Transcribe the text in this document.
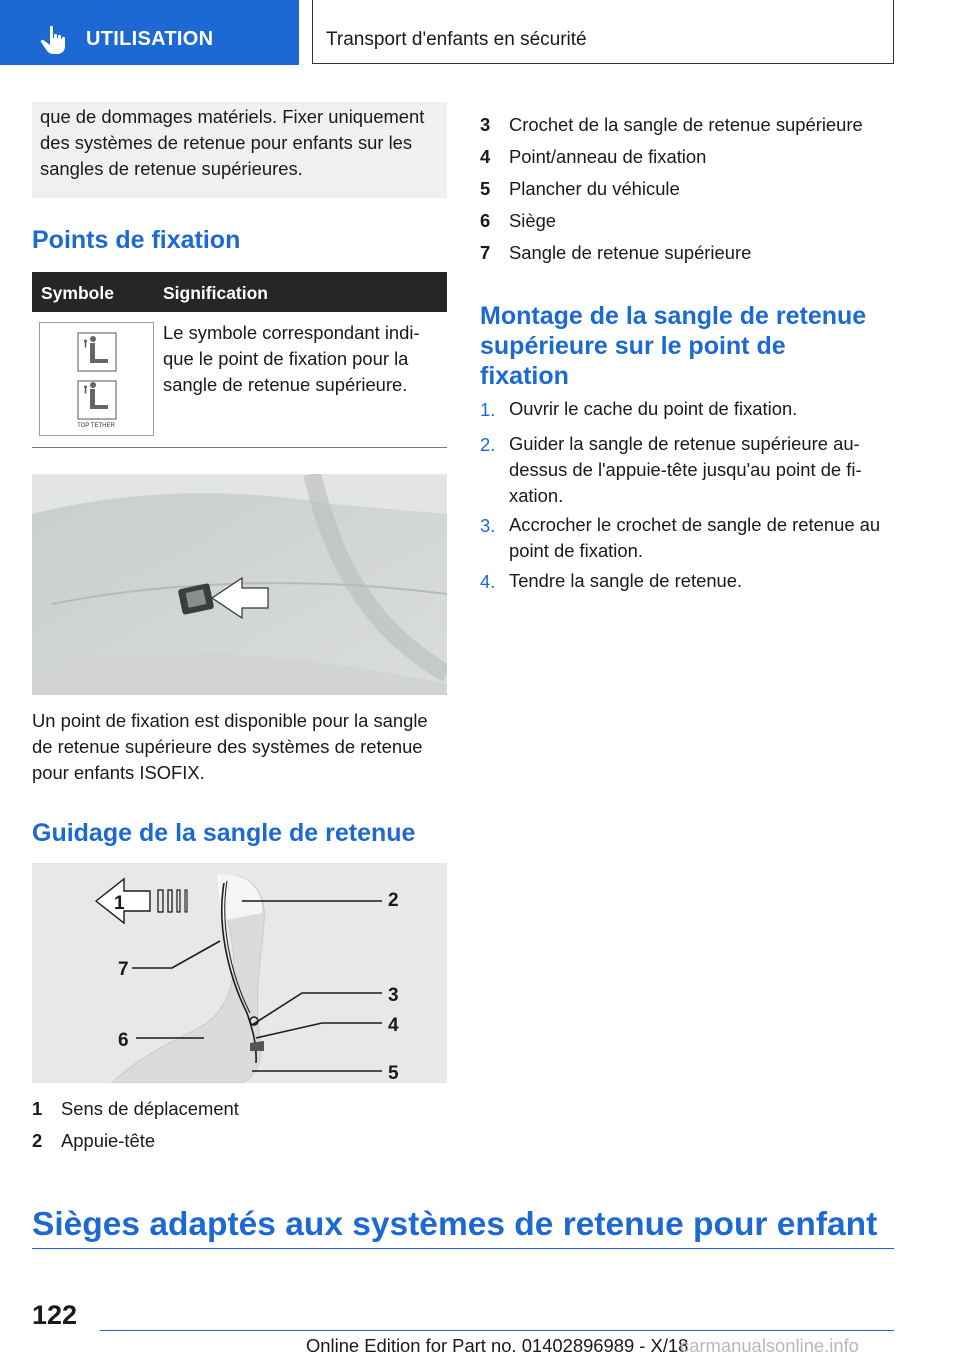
UTILISATION	Transport d'enfants en sécurité
que de dommages matériels. Fixer uniquement des systèmes de retenue pour enfants sur les sangles de retenue supérieures.
Points de fixation
Symbole	Signification
TOP TETHER
Le symbole correspondant indi-que le point de fixation pour la sangle de retenue supérieure.
Un point de fixation est disponible pour la sangle de retenue supérieure des systèmes de retenue pour enfants ISOFIX.
Guidage de la sangle de retenue
1	2
3
4
5
6
7
1 Sens de déplacement
2 Appuie-tête
3 Crochet de la sangle de retenue supérieure
4 Point/anneau de fixation
5 Plancher du véhicule
6 Siège
7 Sangle de retenue supérieure
Montage de la sangle de retenue
supérieure sur le point de
fixation
1. Ouvrir le cache du point de fixation.
2. Guider la sangle de retenue supérieure au-dessus de l'appuie-tête jusqu'au point de fi-xation.
3. Accrocher le crochet de sangle de retenue au point de fixation.
4. Tendre la sangle de retenue.
Sièges adaptés aux systèmes de retenue pour enfant
122
Online Edition for Part no. 01402896989 - X/18
carmanualsonline.info
